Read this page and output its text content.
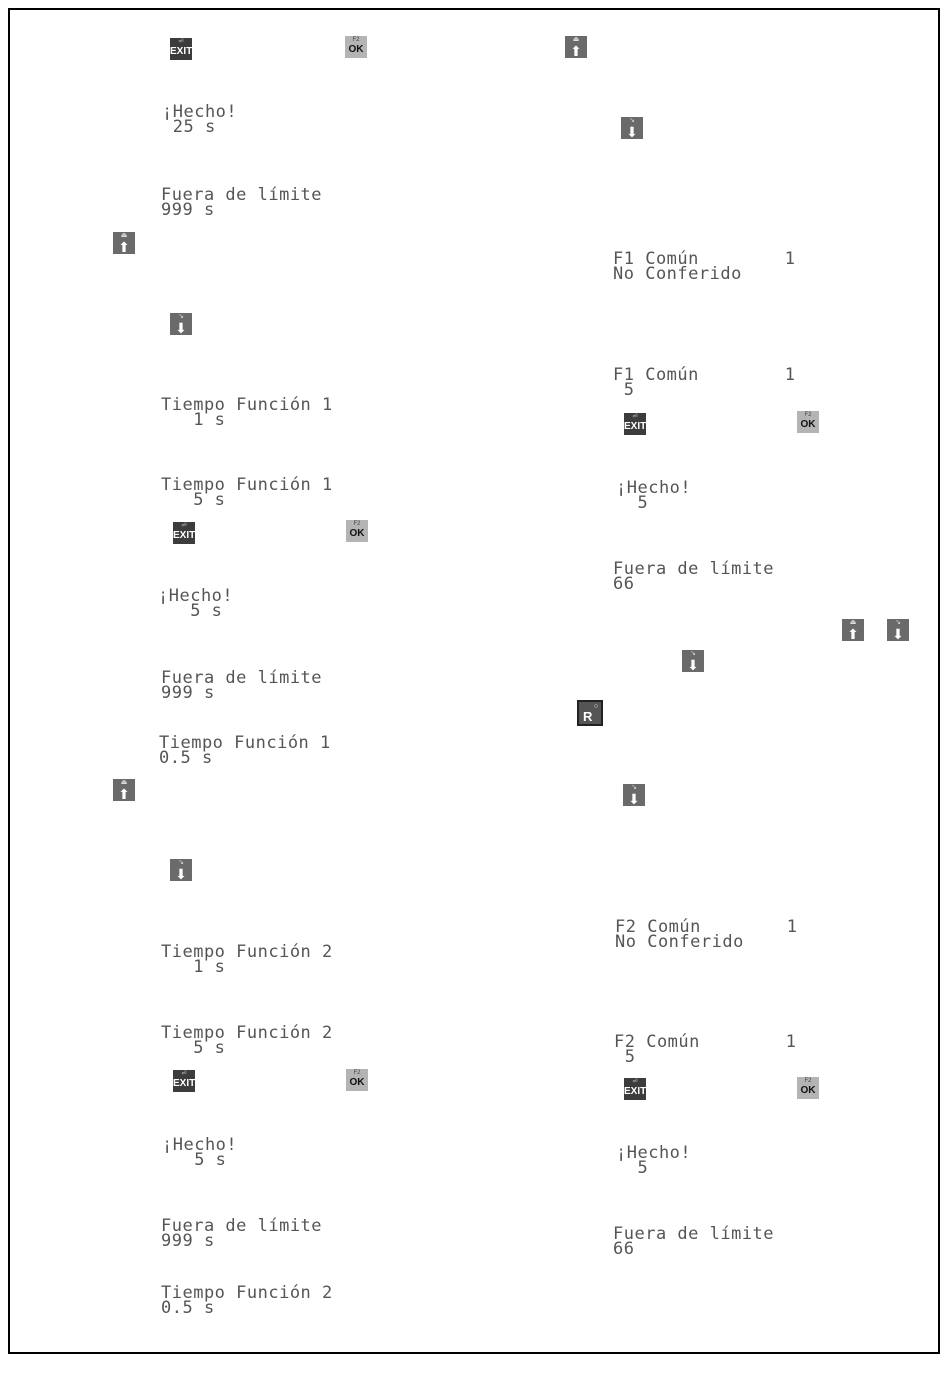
⏎
EXIT
F2
OK
¡Hecho!
25 s
Fuera de límite
999 s
⏏
⬆
↘
⬇
Tiempo Función 1
1 s
Tiempo Función 1
5 s
⏎
EXIT
F2
OK
¡Hecho!
5 s
Fuera de límite
999 s
Tiempo Función 1
0.5 s
⏏
⬆
↘
⬇
Tiempo Función 2
1 s
Tiempo Función 2
5 s
⏎
EXIT
F2
OK
¡Hecho!
5 s
Fuera de límite
999 s
Tiempo Función 2
0.5 s
⏏
⬆
↘
⬇
F1 Común        1
No Conferido
F1 Común        1
5
⏎
EXIT
F2
OK
¡Hecho!
5
Fuera de límite
66
⏏
⬆
↘
⬇
↘
⬇
R
○
↘
⬇
F2 Común        1
No Conferido
F2 Común        1
5
⏎
EXIT
F2
OK
¡Hecho!
5
Fuera de límite
66
